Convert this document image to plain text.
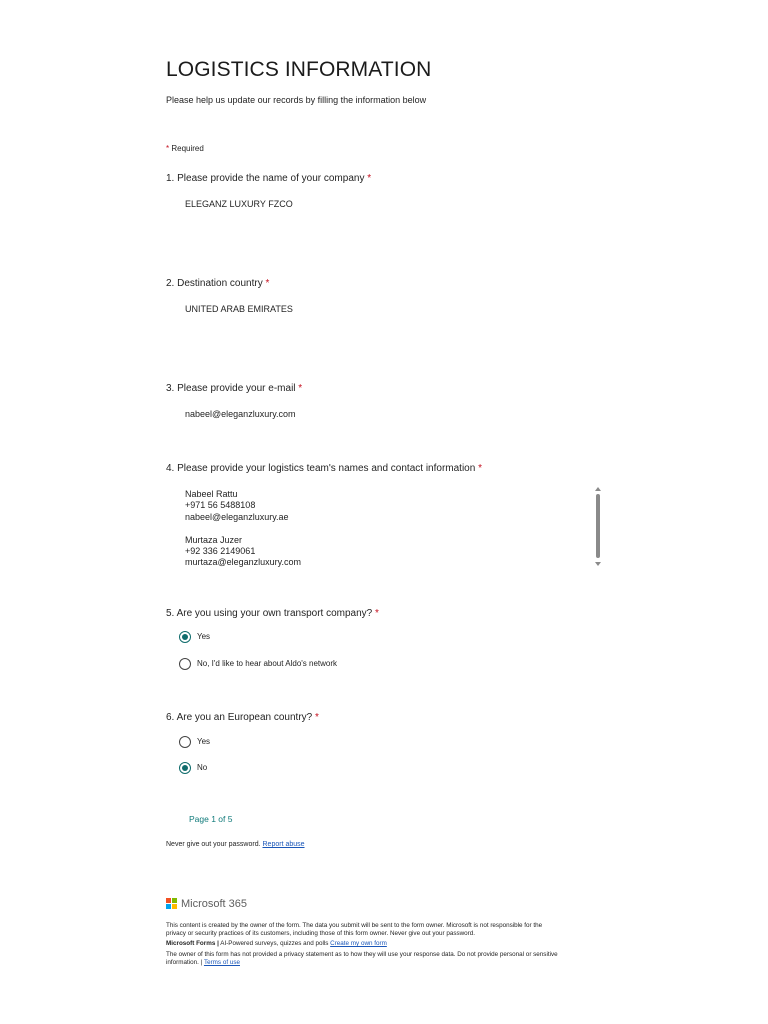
LOGISTICS INFORMATION
Please help us update our records by filling the information below
* Required
1. Please provide the name of your company *
ELEGANZ LUXURY FZCO
2. Destination country *
UNITED ARAB EMIRATES
3. Please provide your e-mail *
nabeel@eleganzluxury.com
4. Please provide your logistics team's names and contact information *
Nabeel Rattu
+971 56 5488108
nabeel@eleganzluxury.ae
Murtaza Juzer
+92 336 2149061
murtaza@eleganzluxury.com
5. Are you using your own transport company? *
Yes
No, I'd like to hear about Aldo's network
6. Are you an European country? *
Yes
No
Page 1 of 5
Never give out your password. Report abuse
Microsoft 365
This content is created by the owner of the form. The data you submit will be sent to the form owner. Microsoft is not responsible for the
privacy or security practices of its customers, including those of this form owner. Never give out your password.
Microsoft Forms | AI-Powered surveys, quizzes and polls Create my own form
The owner of this form has not provided a privacy statement as to how they will use your response data. Do not provide personal or sensitive
information. | Terms of use
